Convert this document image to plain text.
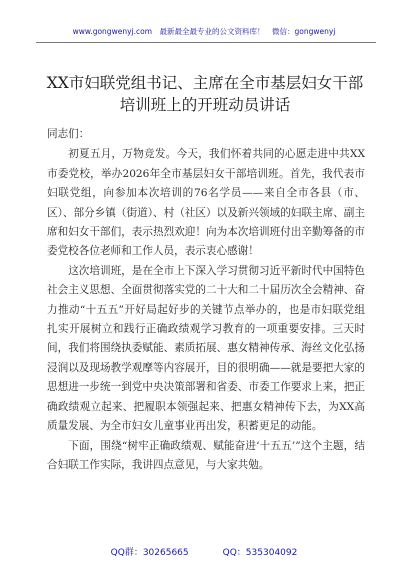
www.gongwenyj.com　最新最全最专业的公文资料库！　微信：gongwenyj
XX市妇联党组书记、主席在全市基层妇女干部培训班上的开班动员讲话

同志们：

初夏五月，万物竞发。今天，我们怀着共同的心愿走进中共XX市委党校，举办2026年全市基层妇女干部培训班。首先，我代表市妇联党组，向参加本次培训的76名学员——来自全市各县（市、区）、部分乡镇（街道）、村（社区）以及新兴领域的妇联主席、副主席和妇女干部们，表示热烈欢迎！向为本次培训班付出辛勤筹备的市委党校各位老师和工作人员，表示衷心感谢！

这次培训班，是在全市上下深入学习贯彻习近平新时代中国特色社会主义思想、全面贯彻落实党的二十大和二十届历次全会精神、奋力推动“十五五”开好局起好步的关键节点举办的，也是市妇联党组扎实开展树立和践行正确政绩观学习教育的一项重要安排。三天时间，我们将围绕执委赋能、素质拓展、惠女精神传承、海丝文化弘扬浸润以及现场教学观摩等内容展开，目的很明确——就是要把大家的思想进一步统一到党中央决策部署和省委、市委工作要求上来，把正确政绩观立起来、把履职本领强起来、把惠女精神传下去，为XX高质量发展、为全市妇女儿童事业再出发，积蓄更足的动能。

下面，围绕“树牢正确政绩观、赋能奋进‘十五五’”这个主题，结合妇联工作实际，我讲四点意见，与大家共勉。

QQ群：30265665	QQ：535304092
